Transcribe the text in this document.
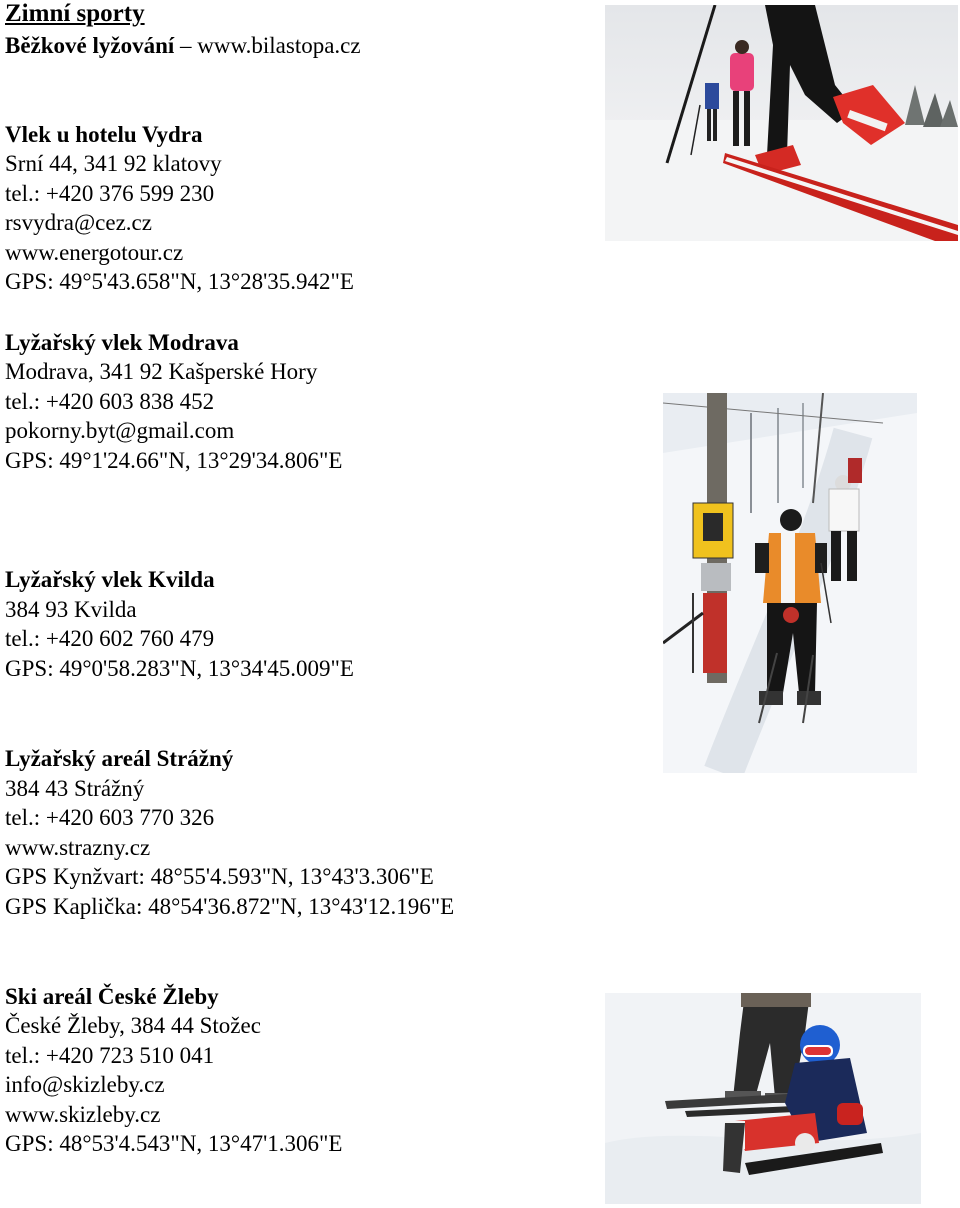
Zimní sporty
Běžkové lyžování – www.bilastopa.cz
Vlek u hotelu Vydra
Srní 44, 341 92 klatovy
tel.: +420 376 599 230
rsvydra@cez.cz
www.energotour.cz
GPS: 49°5'43.658"N, 13°28'35.942"E
Lyžařský vlek Modrava
Modrava, 341 92 Kašperské Hory
tel.: +420 603 838 452
pokorny.byt@gmail.com
GPS: 49°1'24.66"N, 13°29'34.806"E
Lyžařský vlek Kvilda
384 93 Kvilda
tel.: +420 602 760 479
GPS: 49°0'58.283"N, 13°34'45.009"E
Lyžařský areál Strážný
384 43 Strážný
tel.: +420 603 770 326
www.strazny.cz
GPS Kynžvart: 48°55'4.593"N, 13°43'3.306"E
GPS Kaplička: 48°54'36.872"N, 13°43'12.196"E
Ski areál České Žleby
České Žleby, 384 44 Stožec
tel.: +420 723 510 041
info@skizleby.cz
www.skizleby.cz
GPS: 48°53'4.543"N, 13°47'1.306"E
